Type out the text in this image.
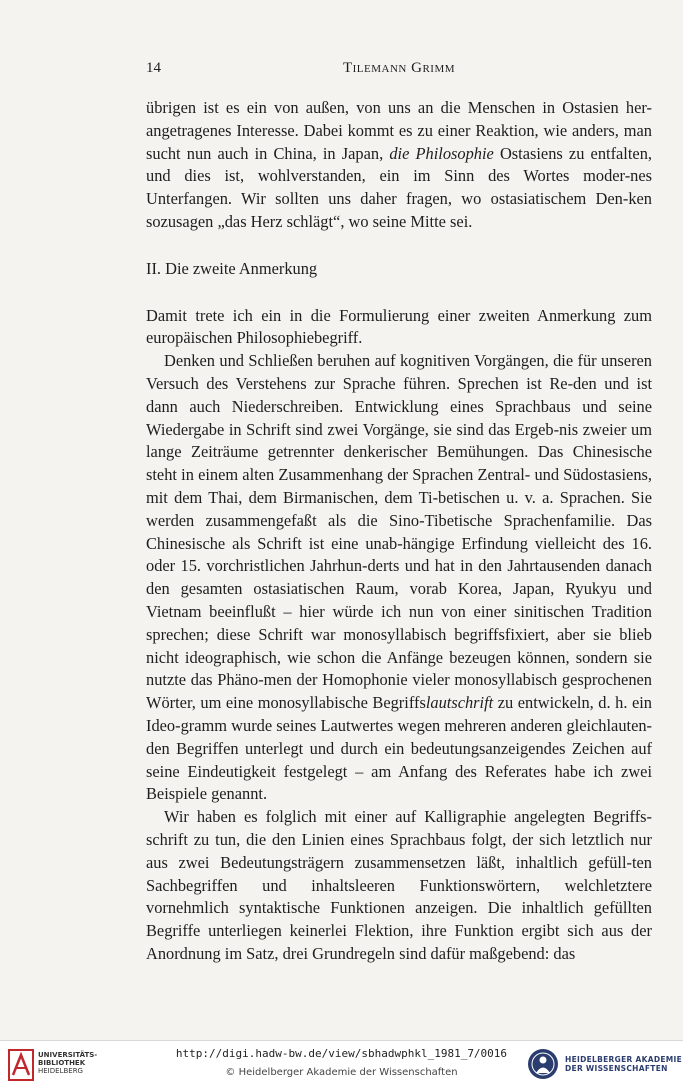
14	Tilemann Grimm

übrigen ist es ein von außen, von uns an die Menschen in Ostasien her-angetragenes Interesse. Dabei kommt es zu einer Reaktion, wie anders, man sucht nun auch in China, in Japan, die Philosophie Ostasiens zu entfalten, und dies ist, wohlverstanden, ein im Sinn des Wortes moder-nes Unterfangen. Wir sollten uns daher fragen, wo ostasiatischem Den-ken sozusagen „das Herz schlägt“, wo seine Mitte sei.

II. Die zweite Anmerkung

Damit trete ich ein in die Formulierung einer zweiten Anmerkung zum europäischen Philosophiebegriff.

Denken und Schließen beruhen auf kognitiven Vorgängen, die für unseren Versuch des Verstehens zur Sprache führen. Sprechen ist Re-den und ist dann auch Niederschreiben. Entwicklung eines Sprachbaus und seine Wiedergabe in Schrift sind zwei Vorgänge, sie sind das Ergeb-nis zweier um lange Zeiträume getrennter denkerischer Bemühungen. Das Chinesische steht in einem alten Zusammenhang der Sprachen Zentral- und Südostasiens, mit dem Thai, dem Birmanischen, dem Ti-betischen u. v. a. Sprachen. Sie werden zusammengefaßt als die Sino-Tibetische Sprachenfamilie. Das Chinesische als Schrift ist eine unab-hängige Erfindung vielleicht des 16. oder 15. vorchristlichen Jahrhun-derts und hat in den Jahrtausenden danach den gesamten ostasiatischen Raum, vorab Korea, Japan, Ryukyu und Vietnam beeinflußt – hier würde ich nun von einer sinitischen Tradition sprechen; diese Schrift war monosyllabisch begriffsfixiert, aber sie blieb nicht ideographisch, wie schon die Anfänge bezeugen können, sondern sie nutzte das Phäno-men der Homophonie vieler monosyllabisch gesprochenen Wörter, um eine monosyllabische Begriffslautschrift zu entwickeln, d. h. ein Ideo-gramm wurde seines Lautwertes wegen mehreren anderen gleichlauten-den Begriffen unterlegt und durch ein bedeutungsanzeigendes Zeichen auf seine Eindeutigkeit festgelegt – am Anfang des Referates habe ich zwei Beispiele genannt.

Wir haben es folglich mit einer auf Kalligraphie angelegten Begriffs-schrift zu tun, die den Linien eines Sprachbaus folgt, der sich letztlich nur aus zwei Bedeutungsträgern zusammensetzen läßt, inhaltlich gefüll-ten Sachbegriffen und inhaltsleeren Funktionswörtern, welchletztere vornehmlich syntaktische Funktionen anzeigen. Die inhaltlich gefüllten Begriffe unterliegen keinerlei Flektion, ihre Funktion ergibt sich aus der Anordnung im Satz, drei Grundregeln sind dafür maßgebend: das

UNIVERSITÄTS-
BIBLIOTHEK
HEIDELBERG
http://digi.hadw-bw.de/view/sbhadwphkl_1981_7/0016
© Heidelberger Akademie der Wissenschaften
HEIDELBERGER AKADEMIE
DER WISSENSCHAFTEN
